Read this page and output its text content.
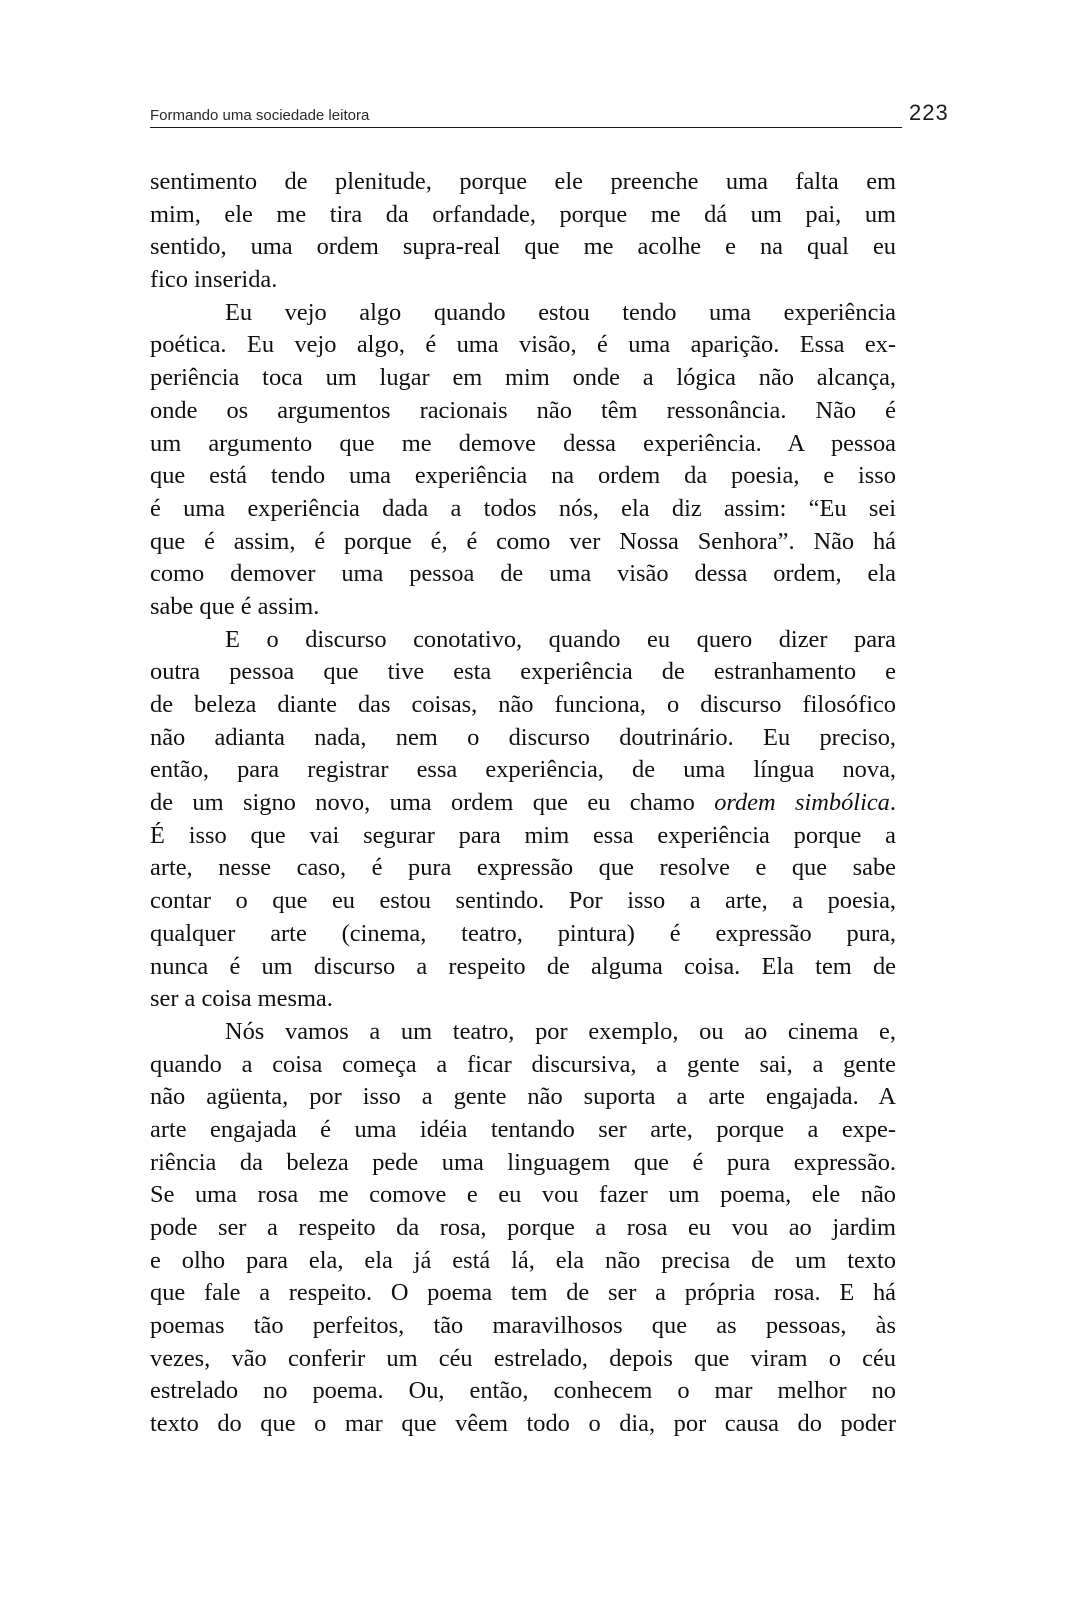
Formando uma sociedade leitora	223
sentimento de plenitude, porque ele preenche uma falta em
mim, ele me tira da orfandade, porque me dá um pai, um
sentido, uma ordem supra-real que me acolhe e na qual eu
fico inserida.
Eu vejo algo quando estou tendo uma experiência
poética. Eu vejo algo, é uma visão, é uma aparição. Essa ex-
periência toca um lugar em mim onde a lógica não alcança,
onde os argumentos racionais não têm ressonância. Não é
um argumento que me demove dessa experiência. A pessoa
que está tendo uma experiência na ordem da poesia, e isso
é uma experiência dada a todos nós, ela diz assim: “Eu sei
que é assim, é porque é, é como ver Nossa Senhora”. Não há
como demover uma pessoa de uma visão dessa ordem, ela
sabe que é assim.
E o discurso conotativo, quando eu quero dizer para
outra pessoa que tive esta experiência de estranhamento e
de beleza diante das coisas, não funciona, o discurso filosófico
não adianta nada, nem o discurso doutrinário. Eu preciso,
então, para registrar essa experiência, de uma língua nova,
de um signo novo, uma ordem que eu chamo ordem simbólica.
É isso que vai segurar para mim essa experiência porque a
arte, nesse caso, é pura expressão que resolve e que sabe
contar o que eu estou sentindo. Por isso a arte, a poesia,
qualquer arte (cinema, teatro, pintura) é expressão pura,
nunca é um discurso a respeito de alguma coisa. Ela tem de
ser a coisa mesma.
Nós vamos a um teatro, por exemplo, ou ao cinema e,
quando a coisa começa a ficar discursiva, a gente sai, a gente
não agüenta, por isso a gente não suporta a arte engajada. A
arte engajada é uma idéia tentando ser arte, porque a expe-
riência da beleza pede uma linguagem que é pura expressão.
Se uma rosa me comove e eu vou fazer um poema, ele não
pode ser a respeito da rosa, porque a rosa eu vou ao jardim
e olho para ela, ela já está lá, ela não precisa de um texto
que fale a respeito. O poema tem de ser a própria rosa. E há
poemas tão perfeitos, tão maravilhosos que as pessoas, às
vezes, vão conferir um céu estrelado, depois que viram o céu
estrelado no poema. Ou, então, conhecem o mar melhor no
texto do que o mar que vêem todo o dia, por causa do poder
